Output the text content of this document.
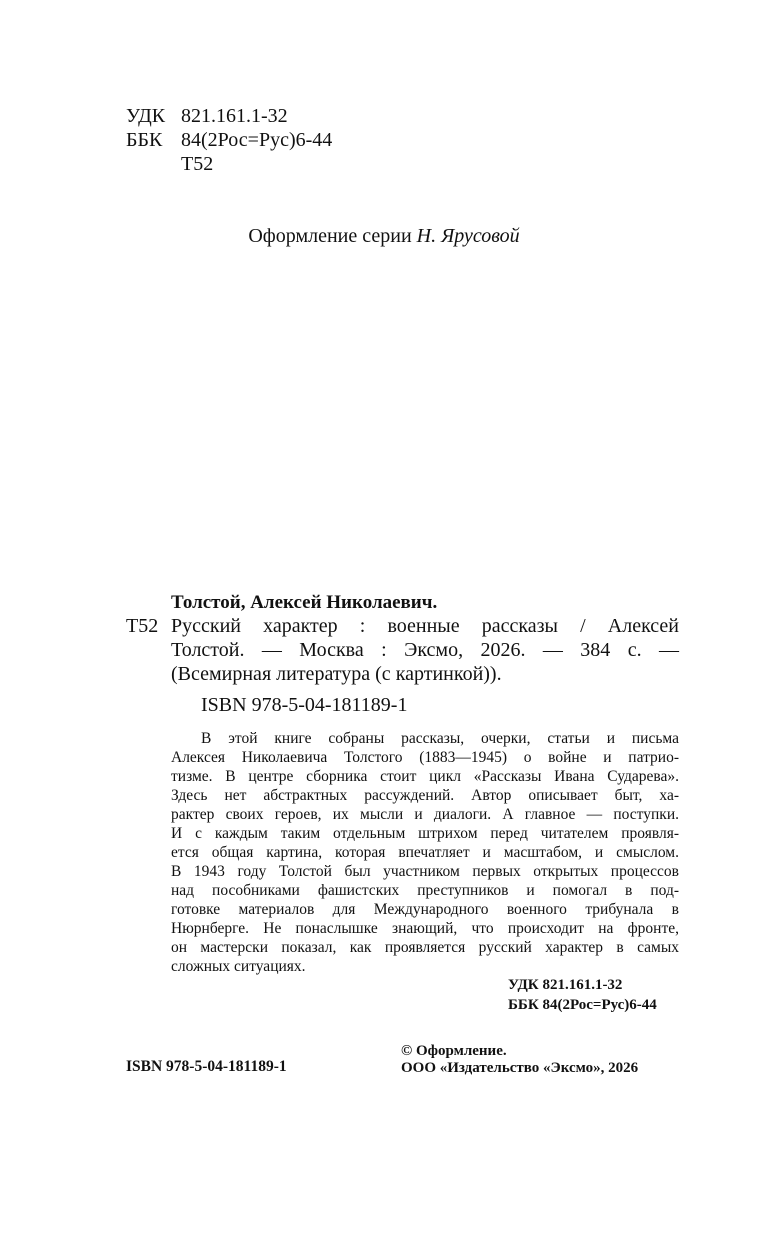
УДК 821.161.1-32
ББК 84(2Рос=Рус)6-44
Т52
Оформление серии Н. Ярусовой
Толстой, Алексей Николаевич.
Т52 Русский характер : военные рассказы / Алексей
Толстой. — Москва : Эксмо, 2026. — 384 с. —
(Всемирная литература (с картинкой)).
ISBN 978-5-04-181189-1
В этой книге собраны рассказы, очерки, статьи и письма
Алексея Николаевича Толстого (1883—1945) о войне и патрио-
тизме. В центре сборника стоит цикл «Рассказы Ивана Сударева».
Здесь нет абстрактных рассуждений. Автор описывает быт, ха-
рактер своих героев, их мысли и диалоги. А главное — поступки.
И с каждым таким отдельным штрихом перед читателем проявля-
ется общая картина, которая впечатляет и масштабом, и смыслом.
В 1943 году Толстой был участником первых открытых процессов
над пособниками фашистских преступников и помогал в под-
готовке материалов для Международного военного трибунала в
Нюрнберге. Не понаслышке знающий, что происходит на фронте,
он мастерски показал, как проявляется русский характер в самых
сложных ситуациях.
УДК 821.161.1-32
ББК 84(2Рос=Рус)6-44
© Оформление.
ООО «Издательство «Эксмо», 2026
ISBN 978-5-04-181189-1
